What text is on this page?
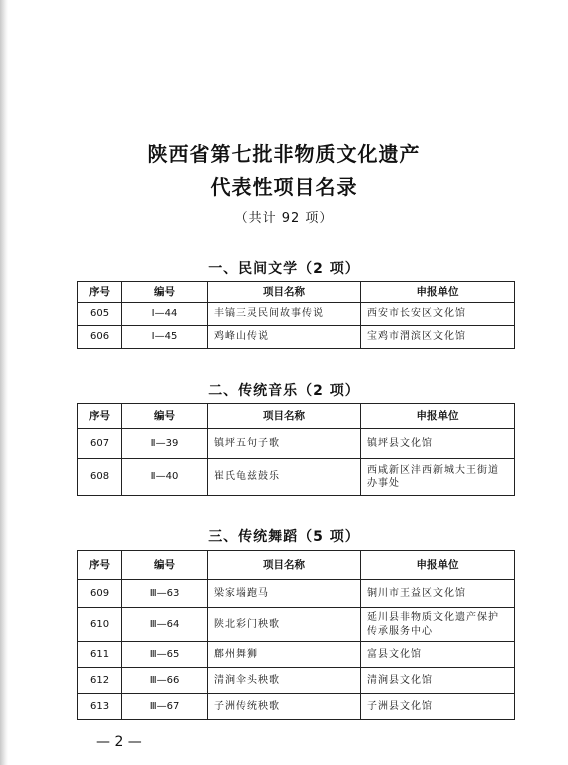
陕西省第七批非物质文化遗产
代表性项目名录
（共计 92 项）
一、民间文学（2 项）
序号	编号	项目名称	申报单位
605	Ⅰ—44	丰镐三灵民间故事传说	西安市长安区文化馆
606	Ⅰ—45	鸡峰山传说	宝鸡市渭滨区文化馆
二、传统音乐（2 项）
序号	编号	项目名称	申报单位
607	Ⅱ—39	镇坪五句子歌	镇坪县文化馆
608	Ⅱ—40	崔氏龟兹鼓乐	西咸新区沣西新城大王街道办事处
三、传统舞蹈（5 项）
序号	编号	项目名称	申报单位
609	Ⅲ—63	梁家堖跑马	铜川市王益区文化馆
610	Ⅲ—64	陕北彩门秧歌	延川县非物质文化遗产保护传承服务中心
611	Ⅲ—65	鄜州舞狮	富县文化馆
612	Ⅲ—66	清涧伞头秧歌	清涧县文化馆
613	Ⅲ—67	子洲传统秧歌	子洲县文化馆
— 2 —
